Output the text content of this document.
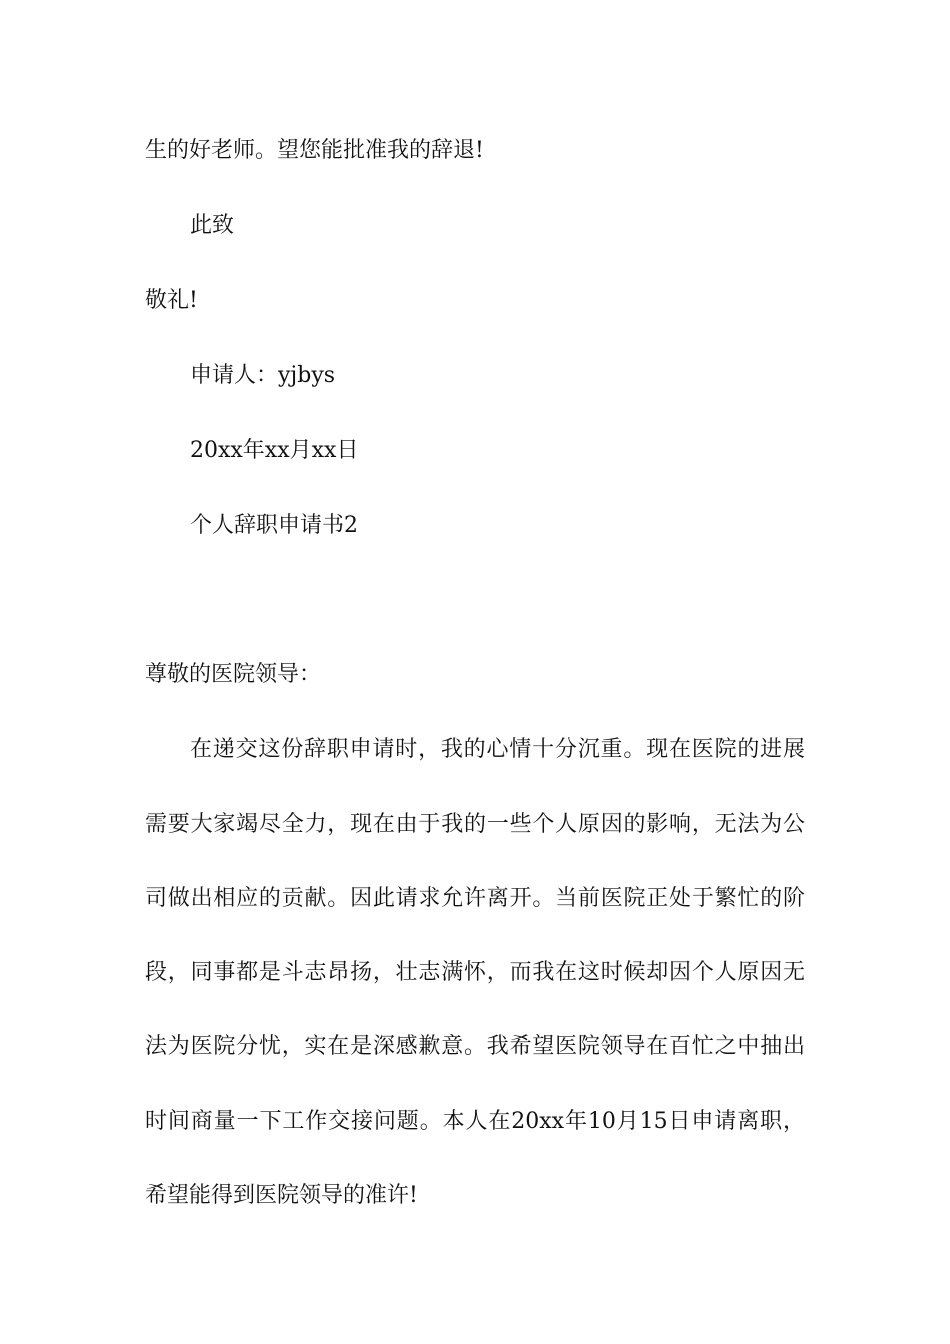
生的好老师。望您能批准我的辞退!
此致
敬礼!
申请人：yjbys
20xx年xx月xx日
个人辞职申请书2
尊敬的医院领导：
在递交这份辞职申请时，我的心情十分沉重。现在医院的进展
需要大家竭尽全力，现在由于我的一些个人原因的影响，无法为公
司做出相应的贡献。因此请求允许离开。当前医院正处于繁忙的阶
段，同事都是斗志昂扬，壮志满怀，而我在这时候却因个人原因无
法为医院分忧，实在是深感歉意。我希望医院领导在百忙之中抽出
时间商量一下工作交接问题。本人在20xx年10月15日申请离职，
希望能得到医院领导的准许!
